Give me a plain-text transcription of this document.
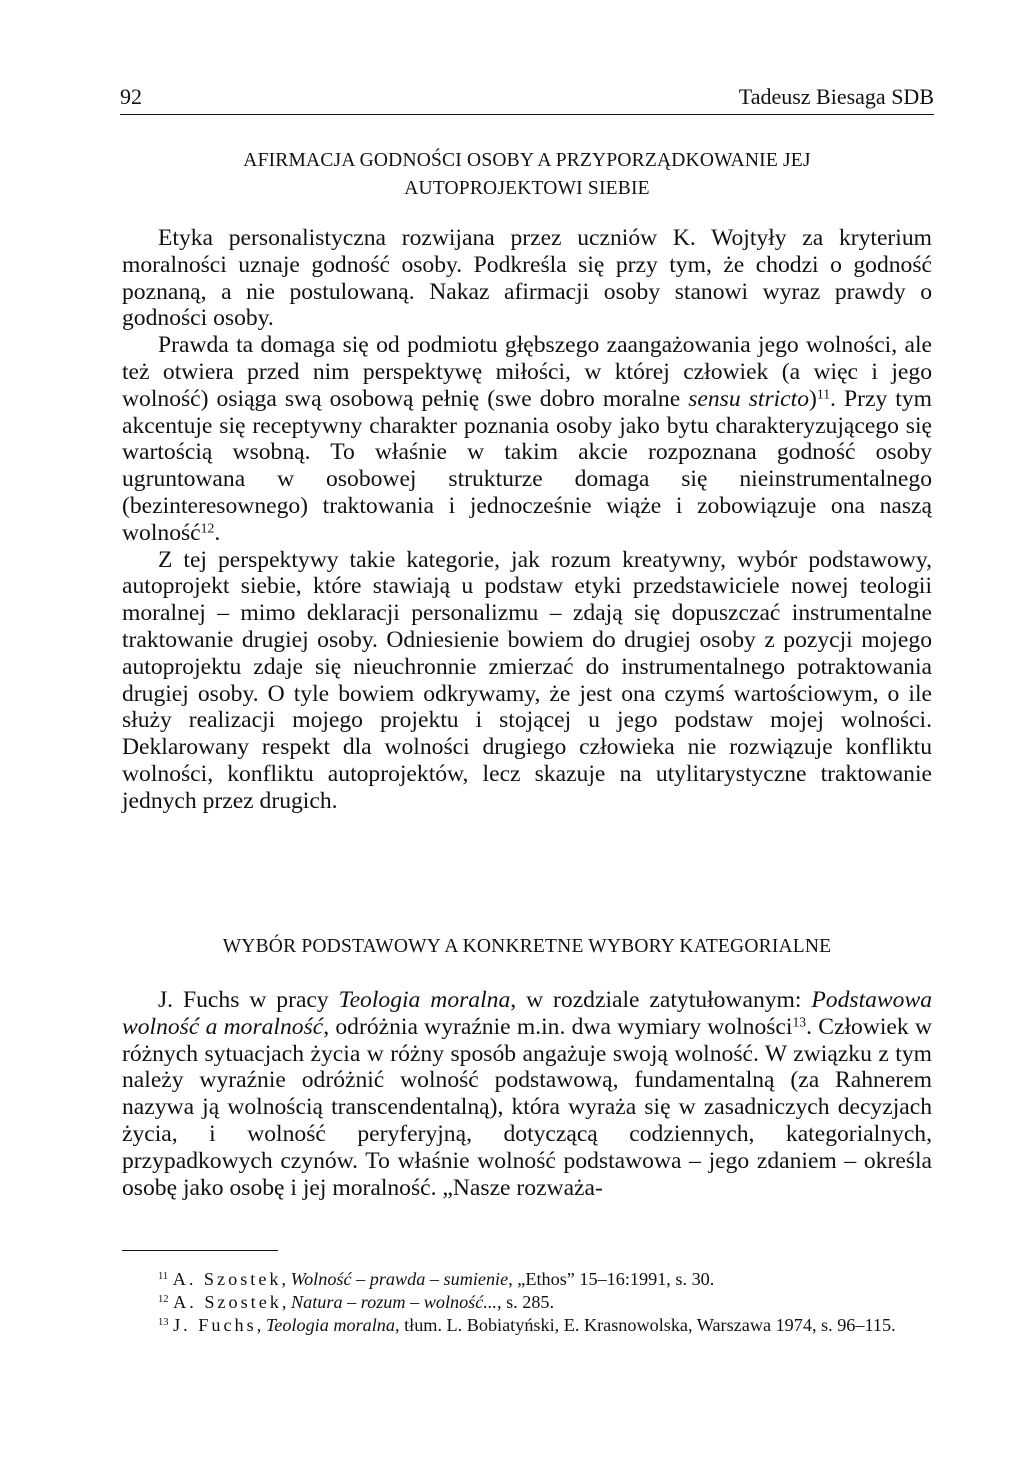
92	Tadeusz Biesaga SDB
AFIRMACJA GODNOŚCI OSOBY A PRZYPORZĄDKOWANIE JEJ
AUTOPROJEKTOWI SIEBIE

Etyka personalistyczna rozwijana przez uczniów K. Wojtyły za kryterium moralności uznaje godność osoby. Podkreśla się przy tym, że chodzi o godność poznaną, a nie postulowaną. Nakaz afirmacji osoby stanowi wyraz prawdy o godności osoby.

Prawda ta domaga się od podmiotu głębszego zaangażowania jego wolności, ale też otwiera przed nim perspektywę miłości, w której człowiek (a więc i jego wolność) osiąga swą osobową pełnię (swe dobro moralne sensu stricto)$^{11}$. Przy tym akcentuje się receptywny charakter poznania osoby jako bytu charakteryzującego się wartością wsobną. To właśnie w takim akcie rozpoznana godność osoby ugruntowana w osobowej strukturze domaga się nieinstrumentalnego (bezinteresownego) traktowania i jednocześnie wiąże i zobowiązuje ona naszą wolność$^{12}$.

Z tej perspektywy takie kategorie, jak rozum kreatywny, wybór podstawowy, autoprojekt siebie, które stawiają u podstaw etyki przedstawiciele nowej teologii moralnej – mimo deklaracji personalizmu – zdają się dopuszczać instrumentalne traktowanie drugiej osoby. Odniesienie bowiem do drugiej osoby z pozycji mojego autoprojektu zdaje się nieuchronnie zmierzać do instrumentalnego potraktowania drugiej osoby. O tyle bowiem odkrywamy, że jest ona czymś wartościowym, o ile służy realizacji mojego projektu i stojącej u jego podstaw mojej wolności. Deklarowany respekt dla wolności drugiego człowieka nie rozwiązuje konfliktu wolności, konfliktu autoprojektów, lecz skazuje na utylitarystyczne traktowanie jednych przez drugich.

WYBÓR PODSTAWOWY A KONKRETNE WYBORY KATEGORIALNE

J. Fuchs w pracy Teologia moralna, w rozdziale zatytułowanym: Podstawowa wolność a moralność, odróżnia wyraźnie m.in. dwa wymiary wolności$^{13}$. Człowiek w różnych sytuacjach życia w różny sposób angażuje swoją wolność. W związku z tym należy wyraźnie odróżnić wolność podstawową, fundamentalną (za Rahnerem nazywa ją wolnością transcendentalną), która wyraża się w zasadniczych decyzjach życia, i wolność peryferyjną, dotyczącą codziennych, kategorialnych, przypadkowych czynów. To właśnie wolność podstawowa – jego zdaniem – określa osobę jako osobę i jej moralność. „Nasze rozważa-

$^{11}$ A. Szostek, Wolność – prawda – sumienie, „Ethos” 15–16:1991, s. 30.

$^{12}$ A. Szostek, Natura – rozum – wolność..., s. 285.

$^{13}$ J. Fuchs, Teologia moralna, tłum. L. Bobiatyński, E. Krasnowolska, Warszawa 1974, s. 96–115.
